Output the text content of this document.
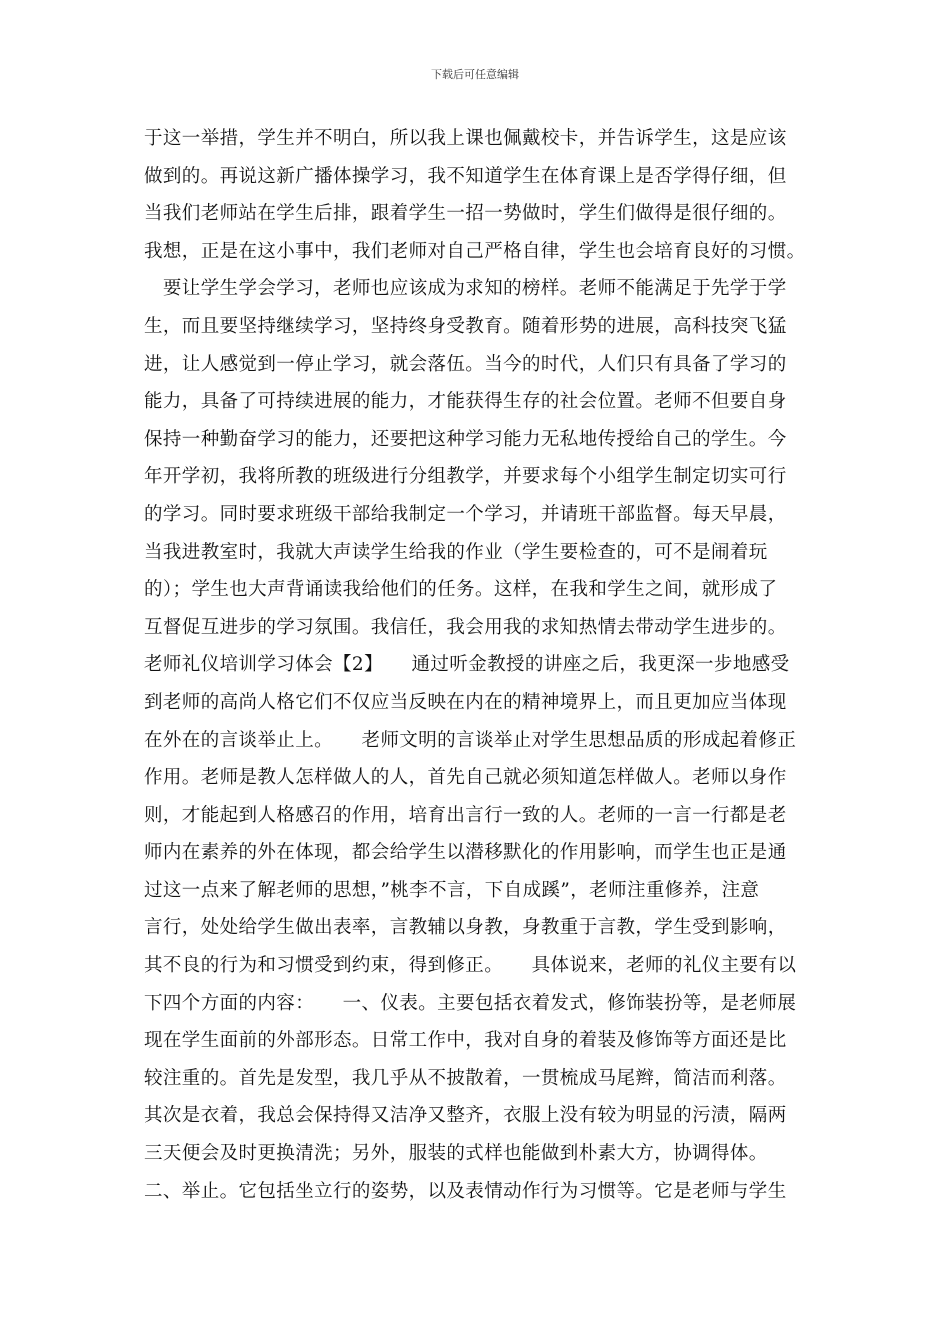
下载后可任意编辑
于这一举措，学生并不明白，所以我上课也佩戴校卡，并告诉学生，这是应该
做到的。再说这新广播体操学习，我不知道学生在体育课上是否学得仔细，但
当我们老师站在学生后排，跟着学生一招一势做时，学生们做得是很仔细的。
我想，正是在这小事中，我们老师对自己严格自律，学生也会培育良好的习惯。
　要让学生学会学习，老师也应该成为求知的榜样。老师不能满足于先学于学
生，而且要坚持继续学习，坚持终身受教育。随着形势的进展，高科技突飞猛
进，让人感觉到一停止学习，就会落伍。当今的时代，人们只有具备了学习的
能力，具备了可持续进展的能力，才能获得生存的社会位置。老师不但要自身
保持一种勤奋学习的能力，还要把这种学习能力无私地传授给自己的学生。今
年开学初，我将所教的班级进行分组教学，并要求每个小组学生制定切实可行
的学习。同时要求班级干部给我制定一个学习，并请班干部监督。每天早晨，
当我进教室时，我就大声读学生给我的作业（学生要检查的，可不是闹着玩
的）；学生也大声背诵读我给他们的任务。这样，在我和学生之间，就形成了
互督促互进步的学习氛围。我信任，我会用我的求知热情去带动学生进步的。
老师礼仪培训学习体会【2】　　通过听金教授的讲座之后，我更深一步地感受
到老师的高尚人格它们不仅应当反映在内在的精神境界上，而且更加应当体现
在外在的言谈举止上。　　老师文明的言谈举止对学生思想品质的形成起着修正
作用。老师是教人怎样做人的人，首先自己就必须知道怎样做人。老师以身作
则，才能起到人格感召的作用，培育出言行一致的人。老师的一言一行都是老
师内在素养的外在体现，都会给学生以潜移默化的作用影响，而学生也正是通
过这一点来了解老师的思想，”桃李不言，下自成蹊”，老师注重修养，注意
言行，处处给学生做出表率，言教辅以身教，身教重于言教，学生受到影响，
其不良的行为和习惯受到约束，得到修正。　　具体说来，老师的礼仪主要有以
下四个方面的内容：　　一、仪表。主要包括衣着发式，修饰装扮等，是老师展
现在学生面前的外部形态。日常工作中，我对自身的着装及修饰等方面还是比
较注重的。首先是发型，我几乎从不披散着，一贯梳成马尾辫，简洁而利落。
其次是衣着，我总会保持得又洁净又整齐，衣服上没有较为明显的污渍，隔两
三天便会及时更换清洗；另外，服装的式样也能做到朴素大方，协调得体。
二、举止。它包括坐立行的姿势，以及表情动作行为习惯等。它是老师与学生
